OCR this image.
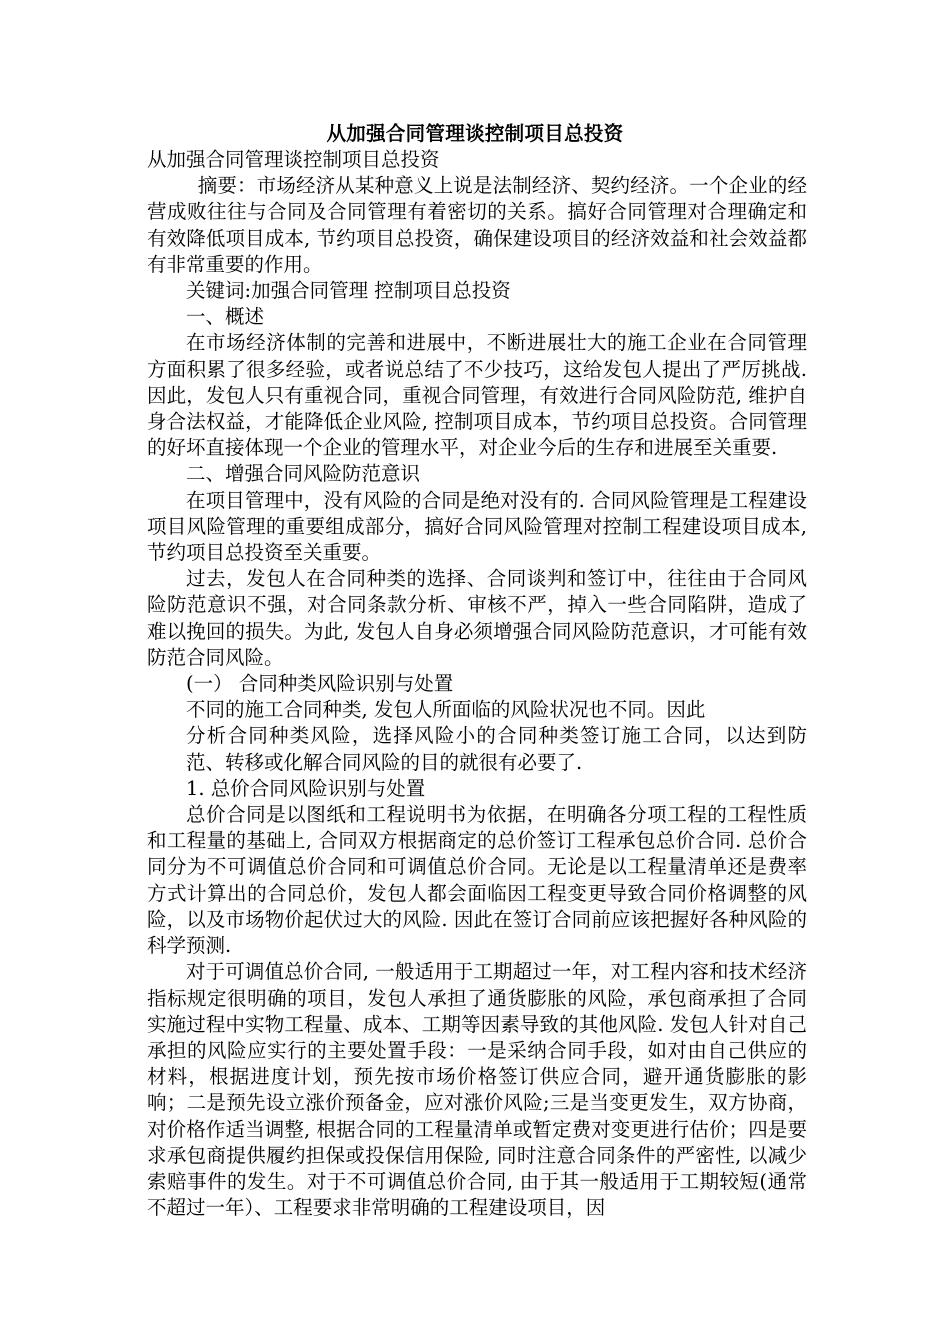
从加强合同管理谈控制项目总投资

从加强合同管理谈控制项目总投资

摘要：市场经济从某种意义上说是法制经济、契约经济。一个企业的经营成败往往与合同及合同管理有着密切的关系。搞好合同管理对合理确定和有效降低项目成本, 节约项目总投资，确保建设项目的经济效益和社会效益都有非常重要的作用。

关键词:加强合同管理 控制项目总投资

一、概述

在市场经济体制的完善和进展中，不断进展壮大的施工企业在合同管理方面积累了很多经验，或者说总结了不少技巧，这给发包人提出了严厉挑战. 因此，发包人只有重视合同，重视合同管理，有效进行合同风险防范, 维护自身合法权益，才能降低企业风险, 控制项目成本，节约项目总投资。合同管理的好坏直接体现一个企业的管理水平，对企业今后的生存和进展至关重要.

二、增强合同风险防范意识

在项目管理中，没有风险的合同是绝对没有的. 合同风险管理是工程建设项目风险管理的重要组成部分，搞好合同风险管理对控制工程建设项目成本, 节约项目总投资至关重要。

过去，发包人在合同种类的选择、合同谈判和签订中，往往由于合同风险防范意识不强，对合同条款分析、审核不严，掉入一些合同陷阱，造成了难以挽回的损失。为此, 发包人自身必须增强合同风险防范意识，才可能有效防范合同风险。

(一） 合同种类风险识别与处置

不同的施工合同种类, 发包人所面临的风险状况也不同。因此

分析合同种类风险，选择风险小的合同种类签订施工合同，以达到防范、转移或化解合同风险的目的就很有必要了.

1. 总价合同风险识别与处置

总价合同是以图纸和工程说明书为依据，在明确各分项工程的工程性质和工程量的基础上, 合同双方根据商定的总价签订工程承包总价合同. 总价合同分为不可调值总价合同和可调值总价合同。无论是以工程量清单还是费率方式计算出的合同总价，发包人都会面临因工程变更导致合同价格调整的风险，以及市场物价起伏过大的风险. 因此在签订合同前应该把握好各种风险的科学预测.

对于可调值总价合同, 一般适用于工期超过一年，对工程内容和技术经济指标规定很明确的项目，发包人承担了通货膨胀的风险，承包商承担了合同实施过程中实物工程量、成本、工期等因素导致的其他风险. 发包人针对自己承担的风险应实行的主要处置手段：一是采纳合同手段，如对由自己供应的材料，根据进度计划，预先按市场价格签订供应合同，避开通货膨胀的影响；二是预先设立涨价预备金，应对涨价风险;三是当变更发生，双方协商，对价格作适当调整, 根据合同的工程量清单或暂定费对变更进行估价；四是要求承包商提供履约担保或投保信用保险, 同时注意合同条件的严密性, 以减少索赔事件的发生。对于不可调值总价合同, 由于其一般适用于工期较短(通常不超过一年）、工程要求非常明确的工程建设项目，因
